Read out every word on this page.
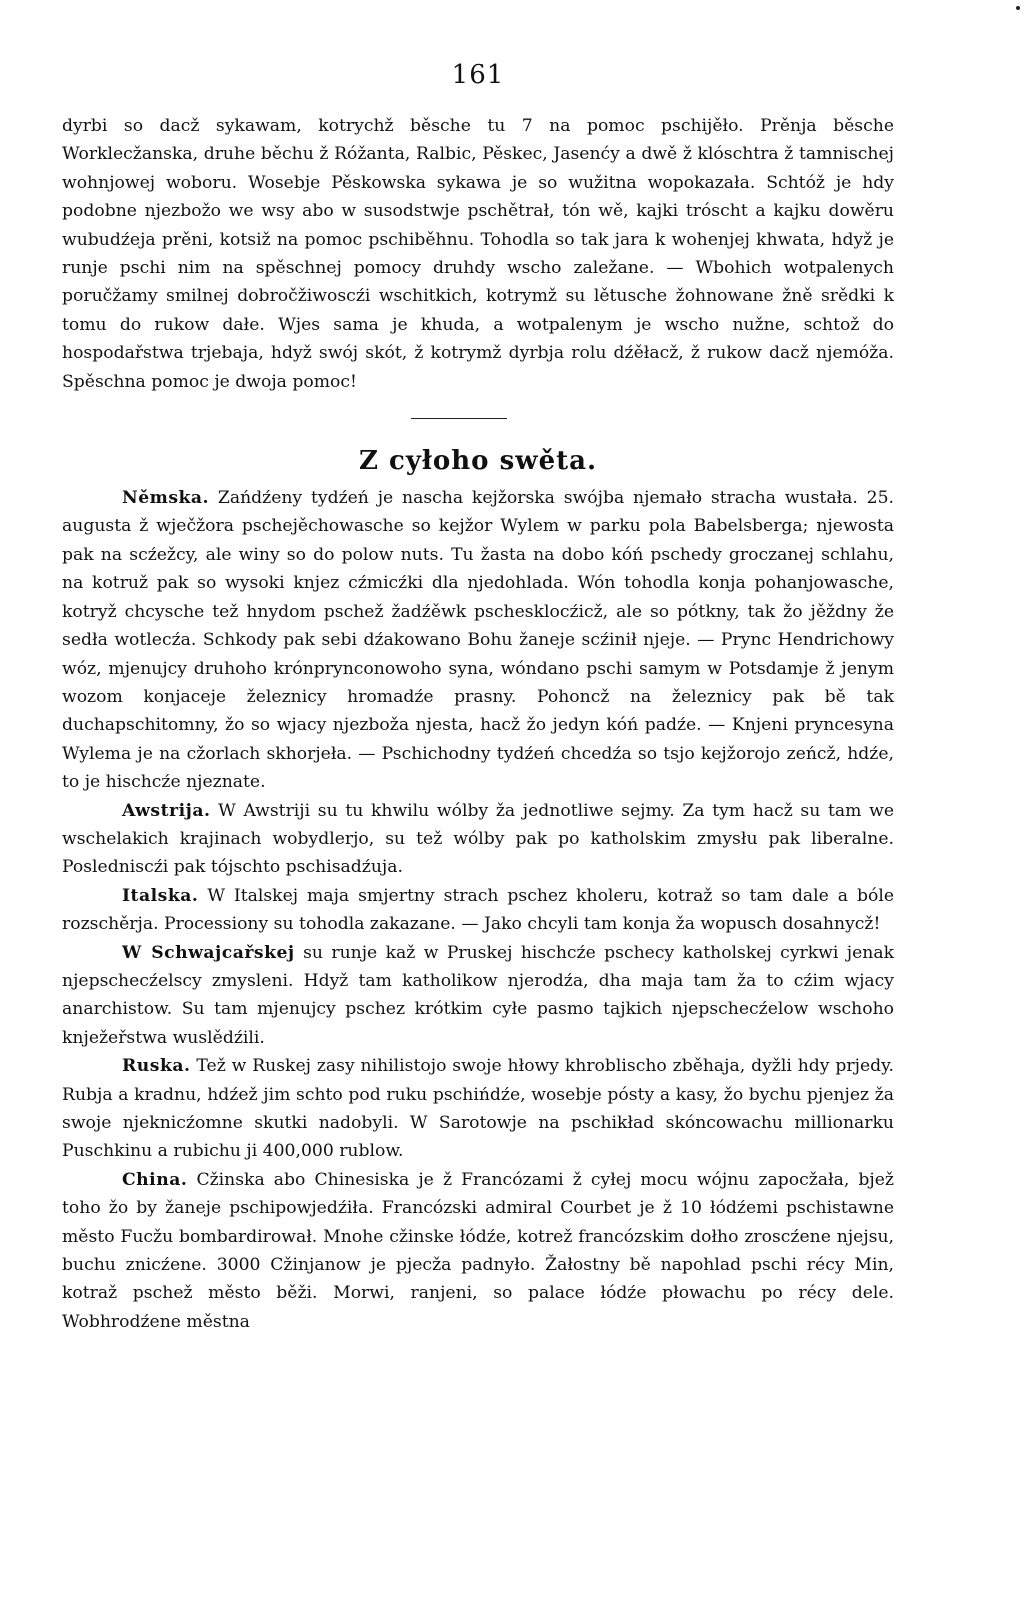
161

dyrbi so dacž sykawam, kotrychž běsche tu 7 na pomoc pschijěło. Prěnja běsche Worklecžanska, druhe běchu ž Róžanta, Ralbic, Pěskec, Jasenćy a dwě ž klóschtra ž tamnischej wohnjowej woboru. Wosebje Pěskowska sykawa je so wužitna wopokazała. Schtóž je hdy podobne njezbožo we wsy abo w susodstwje pschětrał, tón wě, kajki tróscht a kajku dowěru wubudźeja prěni, kotsiž na pomoc pschiběhnu. Tohodla so tak jara k wohenjej khwata, hdyž je runje pschi nim na spěschnej pomocy druhdy wscho zaležane. — Wbohich wotpalenych poručžamy smilnej dobročžiwoscźi wschitkich, kotrymž su lětusche žohnowane žně srědki k tomu do rukow dałe. Wjes sama je khuda, a wotpalenym je wscho nužne, schtož do hospodařstwa trjebaja, hdyž swój skót, ž kotrymž dyrbja rolu dźěłacž, ž rukow dacž njemóža. Spěschna pomoc je dwoja pomoc!

Z cyłoho swěta.

Němska. Zańdźeny tydźeń je nascha kejžorska swójba njemało stracha wustała. 25. augusta ž wječžora pschejěchowasche so kejžor Wylem w parku pola Babelsberga; njewosta pak na scźežcy, ale winy so do polow nuts. Tu žasta na dobo kóń pschedy groczanej schlahu, na kotruž pak so wysoki knjez cźmicźki dla njedohlada. Wón tohodla konja pohanjowasche, kotryž chcysche tež hnydom pschež žadźěwk pschesklocźicž, ale so pótkny, tak žo jěždny že sedła wotlecźa. Schkody pak sebi dźakowano Bohu žaneje scźinił njeje. — Prync Hendrichowy wóz, mjenujcy druhoho krónprynconowoho syna, wóndano pschi samym w Potsdamje ž jenym wozom konjaceje železnicy hromadźe prasny. Pohoncž na železnicy pak bě tak duchapschitomny, žo so wjacy njezboža njesta, hacž žo jedyn kóń padźe. — Knjeni pryncesyna Wylema je na cžorlach skhorjeła. — Pschichodny tydźeń chcedźa so tsjo kejžorojo zeńcž, hdźe, to je hischcźe njeznate.

Awstrija. W Awstriji su tu khwilu wólby ža jednotliwe sejmy. Za tym hacž su tam we wschelakich krajinach wobydlerjo, su tež wólby pak po katholskim zmysłu pak liberalne. Posledniscźi pak tójschto pschisadźuja.

Italska. W Italskej maja smjertny strach pschez kholeru, kotraž so tam dale a bóle rozschěrja. Processiony su tohodla zakazane. — Jako chcyli tam konja ža wopusch dosahnycž!

W Schwajcařskej su runje kaž w Pruskej hischcźe pschecy katholskej cyrkwi jenak njepschecźelscy zmysleni. Hdyž tam katholikow njerodźa, dha maja tam ža to cźim wjacy anarchistow. Su tam mjenujcy pschez krótkim cyłe pasmo tajkich njepschecźelow wschoho knježeřstwa wuslědźili.

Ruska. Tež w Ruskej zasy nihilistojo swoje hłowy khroblischo zběhaja, dyžli hdy prjedy. Rubja a kradnu, hdźež jim schto pod ruku pschińdźe, wosebje pósty a kasy, žo bychu pjenjez ža swoje njeknicźomne skutki nadobyli. W Sarotowje na pschikład skóncowachu millionarku Puschkinu a rubichu ji 400,000 rublow.

China. Cžinska abo Chinesiska je ž Francózami ž cyłej mocu wójnu zapocžała, bjež toho žo by žaneje pschipowjedźiła. Francózski admiral Courbet je ž 10 łódźemi pschistawne město Fucžu bombardirował. Mnohe cžinske łódźe, kotrež francózskim dołho zroscźene njejsu, buchu znicźene. 3000 Cžinjanow je pjecža padnyło. Žałostny bě napohlad pschi récy Min, kotraž pschež město běži. Morwi, ranjeni, so palace łódźe płowachu po récy dele. Wobhrodźene městna
